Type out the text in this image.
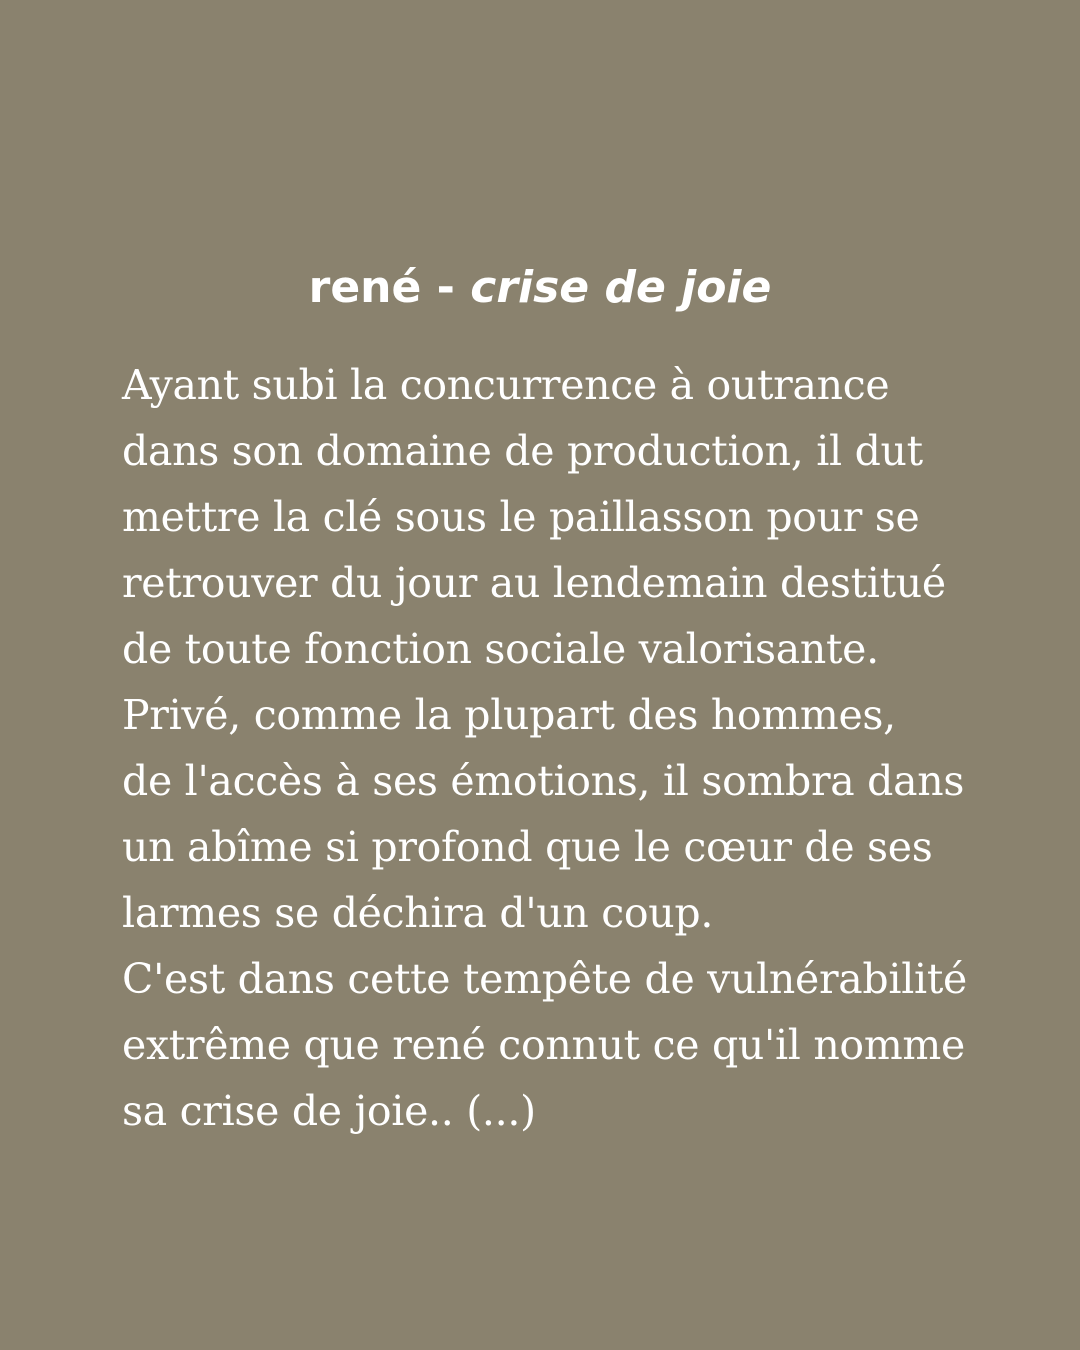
rené - crise de joie
Ayant subi la concurrence à outrance
dans son domaine de production, il dut
mettre la clé sous le paillasson pour se
retrouver du jour au lendemain destitué
de toute fonction sociale valorisante.
Privé, comme la plupart des hommes,
de l'accès à ses émotions, il sombra dans
un abîme si profond que le cœur de ses
larmes se déchira d'un coup.
C'est dans cette tempête de vulnérabilité
extrême que rené connut ce qu'il nomme
sa crise de joie.. (...)
